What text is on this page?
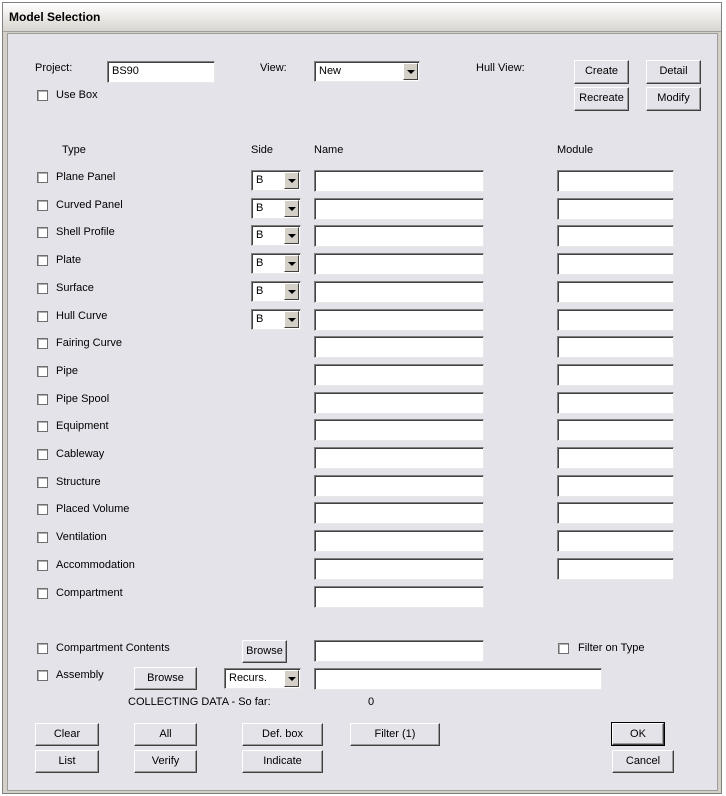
Model Selection
Project:	BS90
Use Box
View:	New	Hull View:	Create	Detail
Recreate	Modify
Type	Side	Name	Module
Plane Panel	B
Curved Panel	B
Shell Profile	B
Plate	B
Surface	B
Hull Curve	B
Fairing Curve
Pipe
Pipe Spool
Equipment
Cableway
Structure
Placed Volume
Ventilation
Accommodation
Compartment
Compartment Contents	Browse	Filter on Type
Assembly	Browse	Recurs.
COLLECTING DATA - So far:	0
Clear	All	Def. box	Filter (1)	OK
List	Verify	Indicate	Cancel
